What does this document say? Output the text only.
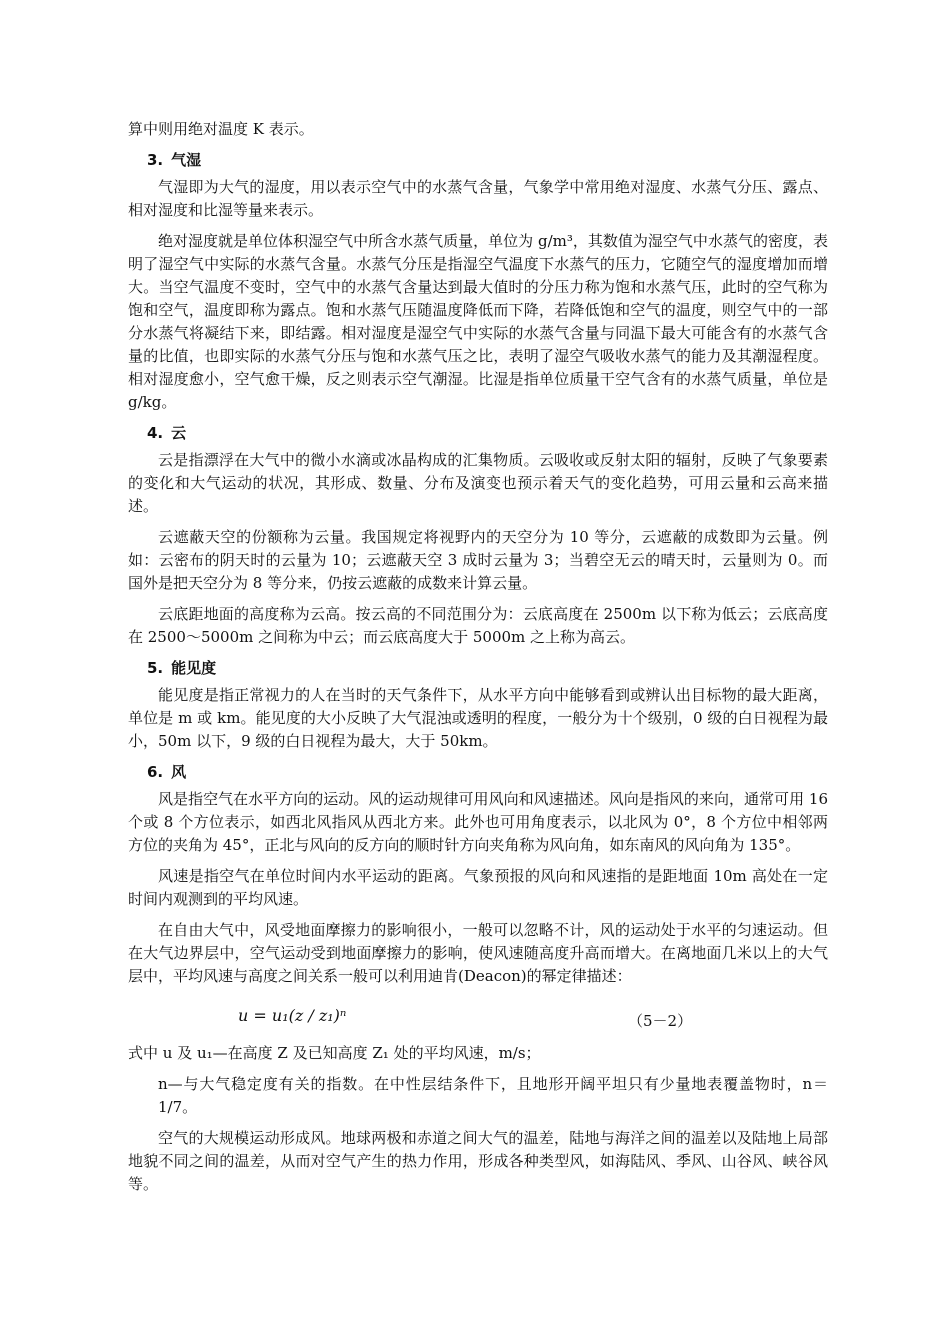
算中则用绝对温度 K 表示。

3. 气湿

气湿即为大气的湿度，用以表示空气中的水蒸气含量，气象学中常用绝对湿度、水蒸气分压、露点、相对湿度和比湿等量来表示。

绝对湿度就是单位体积湿空气中所含水蒸气质量，单位为 g/m³，其数值为湿空气中水蒸气的密度，表明了湿空气中实际的水蒸气含量。水蒸气分压是指湿空气温度下水蒸气的压力，它随空气的湿度增加而增大。当空气温度不变时，空气中的水蒸气含量达到最大值时的分压力称为饱和水蒸气压，此时的空气称为饱和空气，温度即称为露点。饱和水蒸气压随温度降低而下降，若降低饱和空气的温度，则空气中的一部分水蒸气将凝结下来，即结露。相对湿度是湿空气中实际的水蒸气含量与同温下最大可能含有的水蒸气含量的比值，也即实际的水蒸气分压与饱和水蒸气压之比，表明了湿空气吸收水蒸气的能力及其潮湿程度。相对湿度愈小，空气愈干燥，反之则表示空气潮湿。比湿是指单位质量干空气含有的水蒸气质量，单位是 g/kg。

4. 云

云是指漂浮在大气中的微小水滴或冰晶构成的汇集物质。云吸收或反射太阳的辐射，反映了气象要素的变化和大气运动的状况，其形成、数量、分布及演变也预示着天气的变化趋势，可用云量和云高来描述。

云遮蔽天空的份额称为云量。我国规定将视野内的天空分为 10 等分，云遮蔽的成数即为云量。例如：云密布的阴天时的云量为 10；云遮蔽天空 3 成时云量为 3；当碧空无云的晴天时，云量则为 0。而国外是把天空分为 8 等分来，仍按云遮蔽的成数来计算云量。

云底距地面的高度称为云高。按云高的不同范围分为：云底高度在 2500m 以下称为低云；云底高度在 2500～5000m 之间称为中云；而云底高度大于 5000m 之上称为高云。

5. 能见度

能见度是指正常视力的人在当时的天气条件下，从水平方向中能够看到或辨认出目标物的最大距离，单位是 m 或 km。能见度的大小反映了大气混浊或透明的程度，一般分为十个级别，0 级的白日视程为最小，50m 以下，9 级的白日视程为最大，大于 50km。

6. 风

风是指空气在水平方向的运动。风的运动规律可用风向和风速描述。风向是指风的来向，通常可用 16 个或 8 个方位表示，如西北风指风从西北方来。此外也可用角度表示，以北风为 0°，8 个方位中相邻两方位的夹角为 45°，正北与风向的反方向的顺时针方向夹角称为风向角，如东南风的风向角为 135°。

风速是指空气在单位时间内水平运动的距离。气象预报的风向和风速指的是距地面 10m 高处在一定时间内观测到的平均风速。

在自由大气中，风受地面摩擦力的影响很小，一般可以忽略不计，风的运动处于水平的匀速运动。但在大气边界层中，空气运动受到地面摩擦力的影响，使风速随高度升高而增大。在离地面几米以上的大气层中，平均风速与高度之间关系一般可以利用迪肯(Deacon)的幂定律描述：

u = u₁(z / z₁)ⁿ	（5－2）

式中 u 及 u₁—在高度 Z 及已知高度 Z₁ 处的平均风速，m/s；

n—与大气稳定度有关的指数。在中性层结条件下，且地形开阔平坦只有少量地表覆盖物时，n＝1/7。

空气的大规模运动形成风。地球两极和赤道之间大气的温差，陆地与海洋之间的温差以及陆地上局部地貌不同之间的温差，从而对空气产生的热力作用，形成各种类型风，如海陆风、季风、山谷风、峡谷风等。
